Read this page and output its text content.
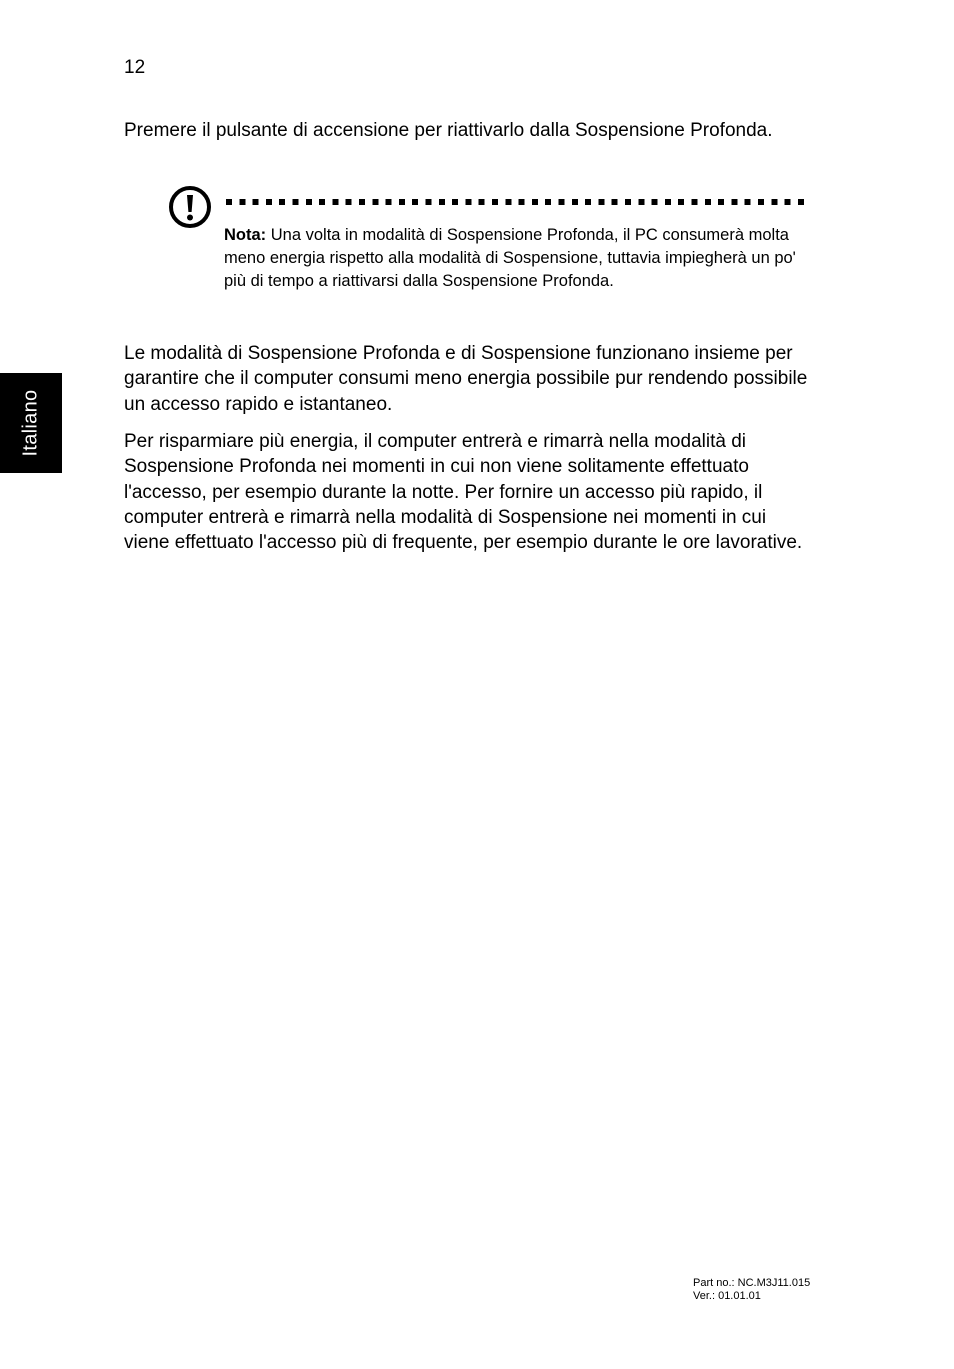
12

Premere il pulsante di accensione per riattivarlo dalla Sospensione Profonda.

Nota: Una volta in modalità di Sospensione Profonda, il PC consumerà molta meno energia rispetto alla modalità di Sospensione, tuttavia impiegherà un po' più di tempo a riattivarsi dalla Sospensione Profonda.

Le modalità di Sospensione Profonda e di Sospensione funzionano insieme per garantire che il computer consumi meno energia possibile pur rendendo possibile un accesso rapido e istantaneo.

Per risparmiare più energia, il computer entrerà e rimarrà nella modalità di Sospensione Profonda nei momenti in cui non viene solitamente effettuato l'accesso, per esempio durante la notte. Per fornire un accesso più rapido, il computer entrerà e rimarrà nella modalità di Sospensione nei momenti in cui viene effettuato l'accesso più di frequente, per esempio durante le ore lavorative.

Italiano
Part no.: NC.M3J11.015
Ver.: 01.01.01
